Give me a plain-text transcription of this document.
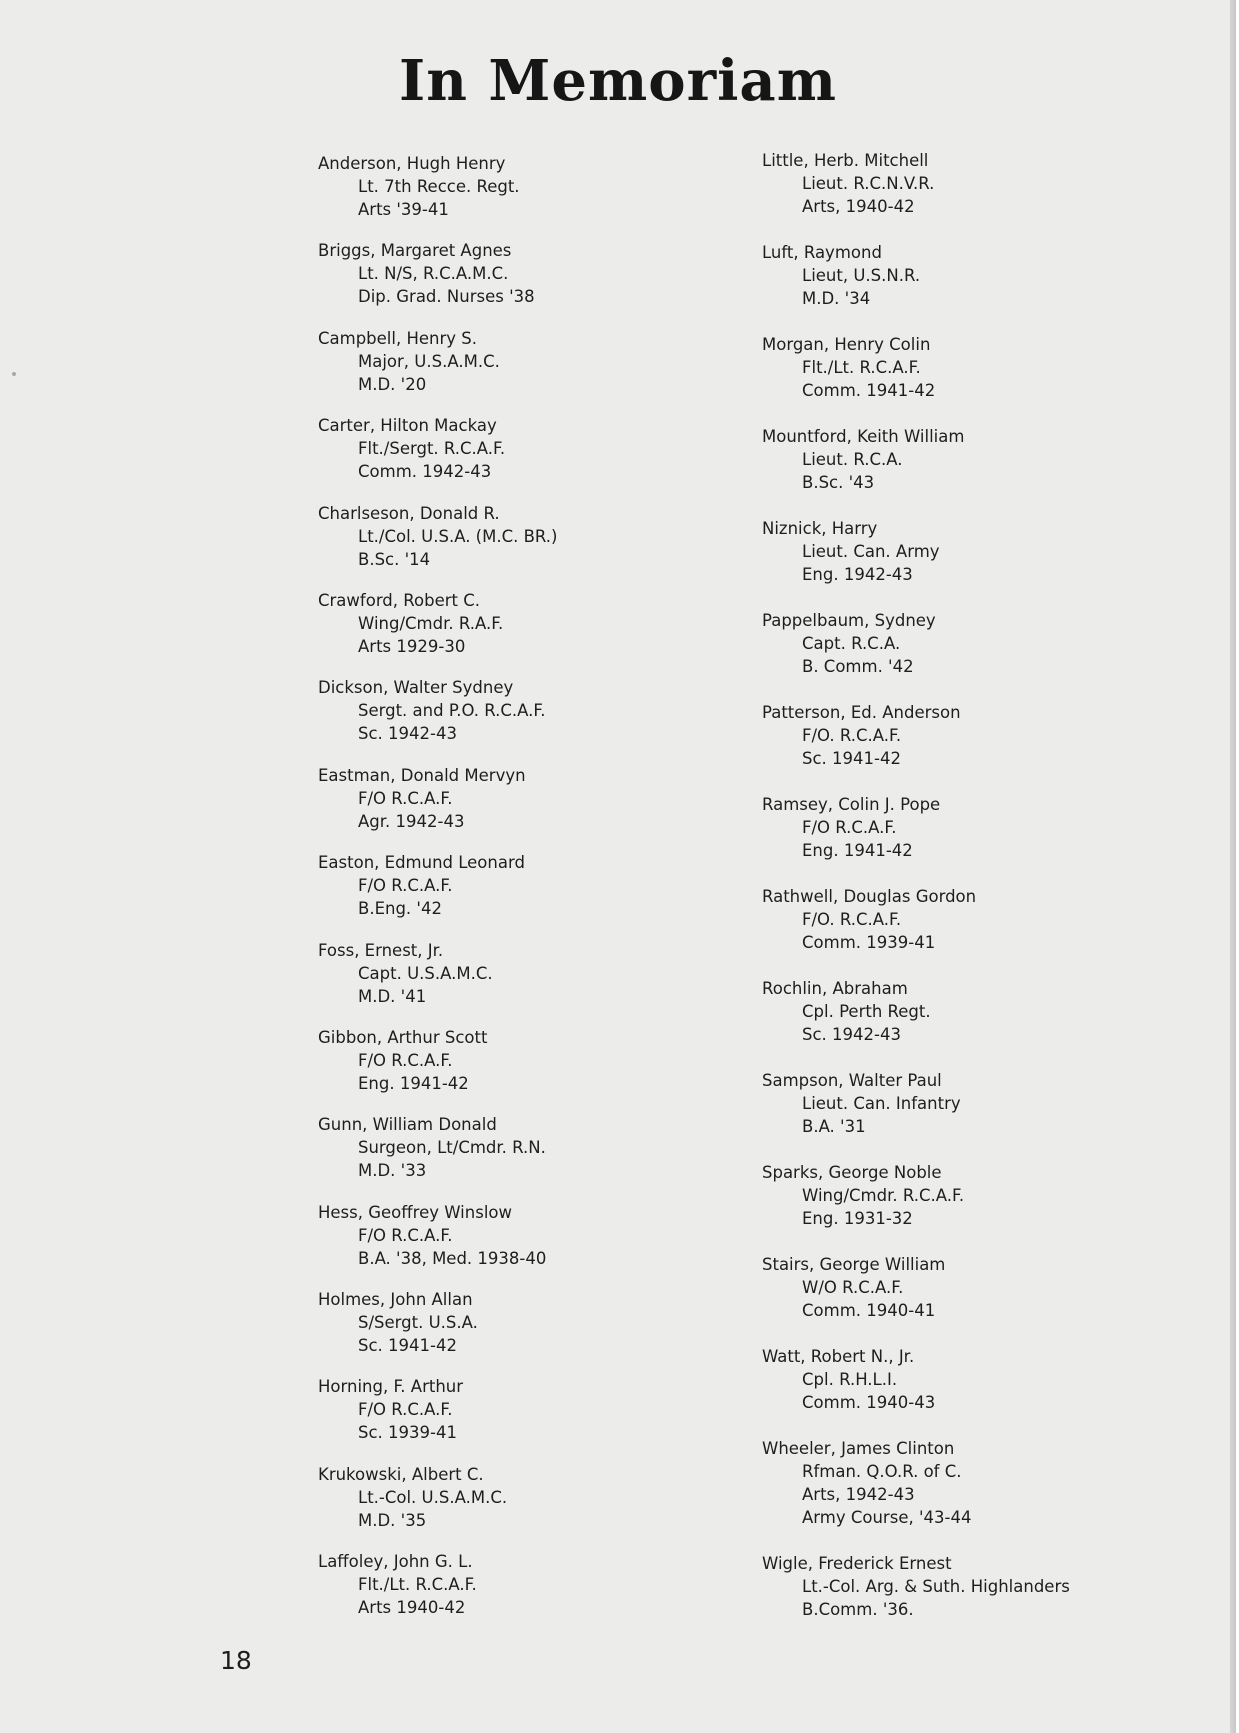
In Memoriam
Anderson, Hugh Henry
Lt. 7th Recce. Regt.
Arts '39-41
Briggs, Margaret Agnes
Lt. N/S, R.C.A.M.C.
Dip. Grad. Nurses '38
Campbell, Henry S.
Major, U.S.A.M.C.
M.D. '20
Carter, Hilton Mackay
Flt./Sergt. R.C.A.F.
Comm. 1942-43
Charlseson, Donald R.
Lt./Col. U.S.A. (M.C. BR.)
B.Sc. '14
Crawford, Robert C.
Wing/Cmdr. R.A.F.
Arts 1929-30
Dickson, Walter Sydney
Sergt. and P.O. R.C.A.F.
Sc. 1942-43
Eastman, Donald Mervyn
F/O R.C.A.F.
Agr. 1942-43
Easton, Edmund Leonard
F/O R.C.A.F.
B.Eng. '42
Foss, Ernest, Jr.
Capt. U.S.A.M.C.
M.D. '41
Gibbon, Arthur Scott
F/O R.C.A.F.
Eng. 1941-42
Gunn, William Donald
Surgeon, Lt/Cmdr. R.N.
M.D. '33
Hess, Geoffrey Winslow
F/O R.C.A.F.
B.A. '38, Med. 1938-40
Holmes, John Allan
S/Sergt. U.S.A.
Sc. 1941-42
Horning, F. Arthur
F/O R.C.A.F.
Sc. 1939-41
Krukowski, Albert C.
Lt.-Col. U.S.A.M.C.
M.D. '35
Laffoley, John G. L.
Flt./Lt. R.C.A.F.
Arts 1940-42
Little, Herb. Mitchell
Lieut. R.C.N.V.R.
Arts, 1940-42
Luft, Raymond
Lieut, U.S.N.R.
M.D. '34
Morgan, Henry Colin
Flt./Lt. R.C.A.F.
Comm. 1941-42
Mountford, Keith William
Lieut. R.C.A.
B.Sc. '43
Niznick, Harry
Lieut. Can. Army
Eng. 1942-43
Pappelbaum, Sydney
Capt. R.C.A.
B. Comm. '42
Patterson, Ed. Anderson
F/O. R.C.A.F.
Sc. 1941-42
Ramsey, Colin J. Pope
F/O R.C.A.F.
Eng. 1941-42
Rathwell, Douglas Gordon
F/O. R.C.A.F.
Comm. 1939-41
Rochlin, Abraham
Cpl. Perth Regt.
Sc. 1942-43
Sampson, Walter Paul
Lieut. Can. Infantry
B.A. '31
Sparks, George Noble
Wing/Cmdr. R.C.A.F.
Eng. 1931-32
Stairs, George William
W/O R.C.A.F.
Comm. 1940-41
Watt, Robert N., Jr.
Cpl. R.H.L.I.
Comm. 1940-43
Wheeler, James Clinton
Rfman. Q.O.R. of C.
Arts, 1942-43
Army Course, '43-44
Wigle, Frederick Ernest
Lt.-Col. Arg. & Suth. Highlanders
B.Comm. '36.
18
